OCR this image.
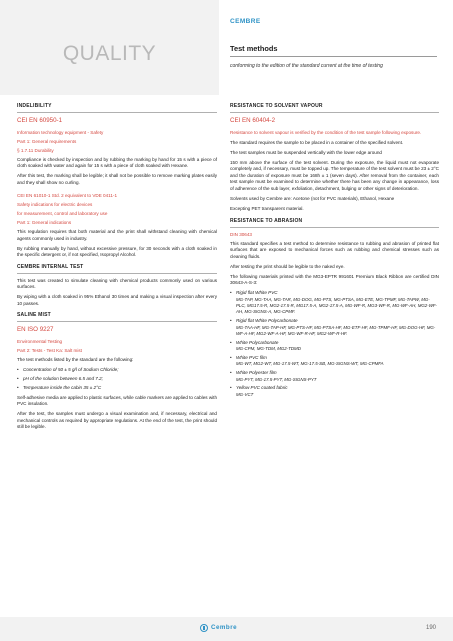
QUALITY
CEMBRE
Test methods
conforming to the edition of the standard current at the time of testing
INDELIBILITY
CEI EN 60950-1
Information technology equipment - Safety
Part 1: General requirements
§ 1.7.11 Durability

Compliance is checked by inspection and by rubbing the marking by hand for 15 s with a piece of cloth soaked with water and again for 15 s with a piece of cloth soaked with Hexane.

After this test, the marking shall be legible; it shall not be possible to remove marking plates easily and they shall show no curling.

CEI EN 61010-1 Std. 2 equivalent to VDE 0411-1
Safety indications for electric devices
for measurement, control and laboratory use
Part 1: General indications

This regulation requires that both material and the print shall withstand cleaning with chemical agents commonly used in industry.

By rubbing manually by hand, without excessive pressure, for 30 seconds with a cloth soaked in the specific detergent or, if not specified, Isopropyl Alcohol.

CEMBRE INTERNAL TEST

This test was created to simulate cleaning with chemical products commonly used on various surfaces.

By wiping with a cloth soaked in 95% Ethanol 30 times and making a visual inspection after every 10 passes.

SALINE MIST
EN ISO 9227
Environmental Testing
Part 2: Tests - Test Ka: Salt mist

The test methods listed by the standard are the following:

• Concentration of 50 ± 5 g/l of Sodium Chloride;
• pH of the solution between 6.5 and 7.2;
• Temperature inside the cabin 35 ± 2°C

Self-adhesive media are applied to plastic surfaces, while cable markers are applied to cables with PVC insulation.

After the test, the samples must undergo a visual examination and, if necessary, electrical and mechanical controls as required by appropriate regulations. At the end of the test, the print should still be legible.

RESISTANCE TO SOLVENT VAPOUR
CEI EN 60404-2

Resistance to solvent vapour is verified by the condition of the test sample following exposure.

The standard requires the sample to be placed in a container of the specified solvent.

The test samples must be suspended vertically with the lower edge around

150 mm above the surface of the test solvent. During the exposure, the liquid must not evaporate completely and, if necessary, must be topped up. The temperature of the test solvent must be 23 ± 2°C and the duration of exposure must be 168h ± 1 (seven days). After removal from the container, each test sample must be examined to determine whether there has been any change in appearance, loss of adherence of the sub layer, exfoliation, detachment, bulging or other signs of deterioration.

Solvents used by Cembre are: Acetone (not for PVC materials), Ethanol, Hexane

Excepting PET transparent material.

RESISTANCE TO ABRASION
DIN 30643

This standard specifies a test method to determine resistance to rubbing and abrasion of printed flat surfaces that are exposed to mechanical forces such as rubbing and chemical stresses such as cleaning fluids.

After testing the print should be legible to the naked eye.

The following materials printed with the MG3-EPTR 991601 Premium Black Ribbon are certified DIN 30643-A-S-3:

• Rigid flat White PVC
MG-TAP, MG-TAA, MG-TAR, MG-DOG, MG-PTS, MG-PTSA, MG-ETE, MG-TPMF, MG-TAPW, MG-PLC, MG17.5-R, MG2-17.5-R, MG17.5-A, MG2-17.5-A, MG-WF-R, MG3-WF-R, MG-WF-AH, MG2-WF-AH, MG-SIGNS-A, MG-CPMF.
• Rigid flat White Polycarbonate
MG-TAA-HF, MG-TAP-HF, MG-PTS-HF, MG-PTSA-HF, MG-ETF-HF, MG-TPMF-HF, MG-DOG-HF, MG-WF-A-HF, MG2-WF-A-HF, MG-WF-R-HF, MG2-WF-R-HF.
• White Polycarbonate
MG-CPM, MG-TDM, MG2-TDMD
• White PVC film
MG-WT, MG2-WT, MG-17.5-WT, MG-17.5-SB, MG-SIGNS-WT, MG-CPMFA
• White Polyester film
MG-PYT, MG-17.5-PYT, MG-SIGNS-PYT
• Yellow PVC coated fabric
MG-VCT
Cembre	190
